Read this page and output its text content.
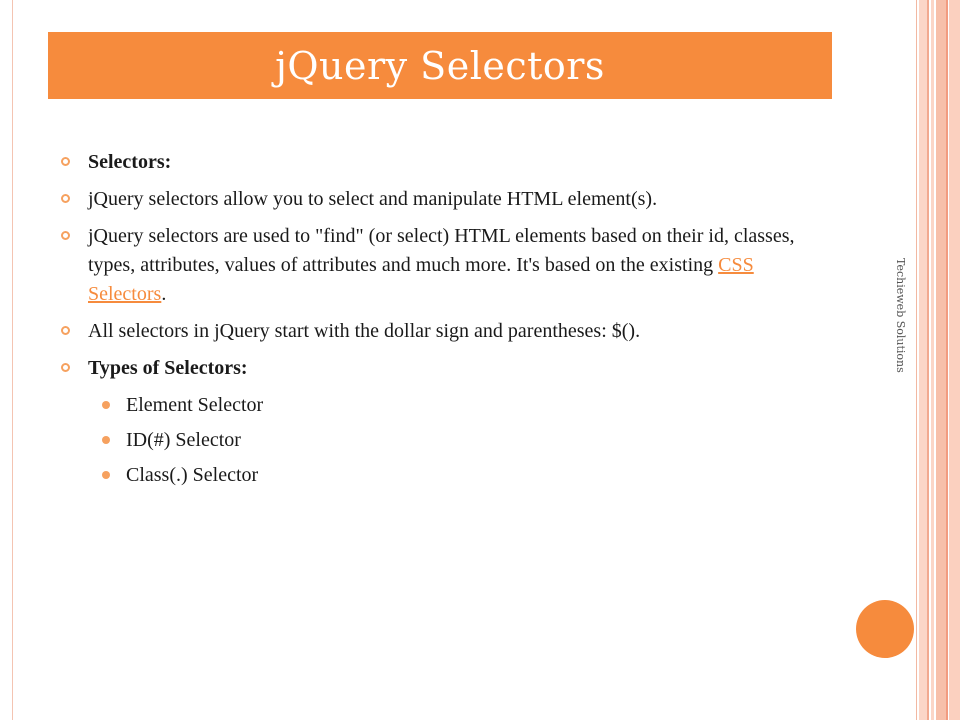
jQuery Selectors
Techieweb Solutions
Selectors:
jQuery selectors allow you to select and manipulate HTML element(s).
jQuery selectors are used to "find" (or select) HTML elements based on their id, classes, types, attributes, values of attributes and much more. It's based on the existing CSS Selectors.
All selectors in jQuery start with the dollar sign and parentheses: $().
Types of Selectors:
Element Selector
ID(#) Selector
Class(.) Selector
